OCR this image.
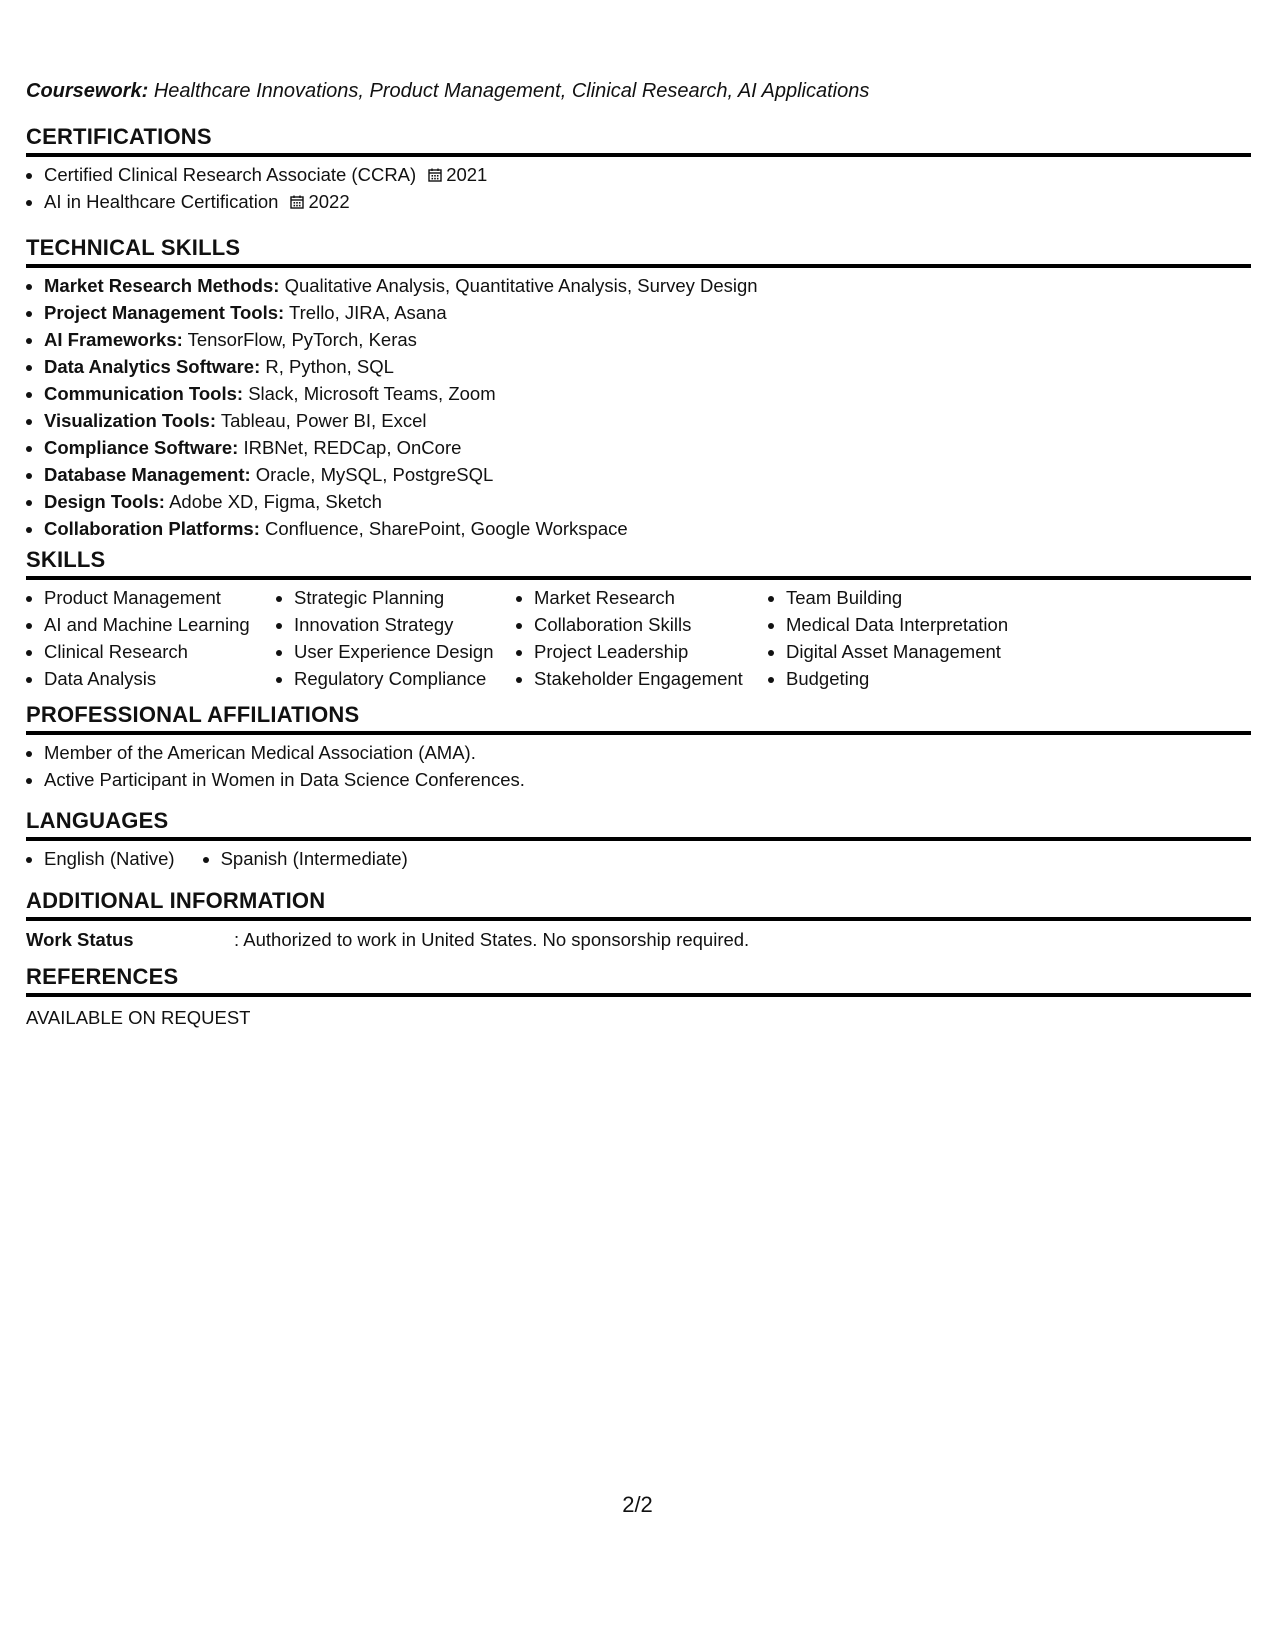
Coursework: Healthcare Innovations, Product Management, Clinical Research, AI Applications
CERTIFICATIONS
• Certified Clinical Research Associate (CCRA) 2021
• AI in Healthcare Certification 2022
TECHNICAL SKILLS
• Market Research Methods: Qualitative Analysis, Quantitative Analysis, Survey Design
• Project Management Tools: Trello, JIRA, Asana
• AI Frameworks: TensorFlow, PyTorch, Keras
• Data Analytics Software: R, Python, SQL
• Communication Tools: Slack, Microsoft Teams, Zoom
• Visualization Tools: Tableau, Power BI, Excel
• Compliance Software: IRBNet, REDCap, OnCore
• Database Management: Oracle, MySQL, PostgreSQL
• Design Tools: Adobe XD, Figma, Sketch
• Collaboration Platforms: Confluence, SharePoint, Google Workspace
SKILLS
• Product Management
• AI and Machine Learning
• Clinical Research
• Data Analysis
• Strategic Planning
• Innovation Strategy
• User Experience Design
• Regulatory Compliance
• Market Research
• Collaboration Skills
• Project Leadership
• Stakeholder Engagement
• Team Building
• Medical Data Interpretation
• Digital Asset Management
• Budgeting
PROFESSIONAL AFFILIATIONS
• Member of the American Medical Association (AMA).
• Active Participant in Women in Data Science Conferences.
LANGUAGES
• English (Native)
• Spanish (Intermediate)
ADDITIONAL INFORMATION
Work Status	: Authorized to work in United States. No sponsorship required.
REFERENCES
AVAILABLE ON REQUEST
2/2
